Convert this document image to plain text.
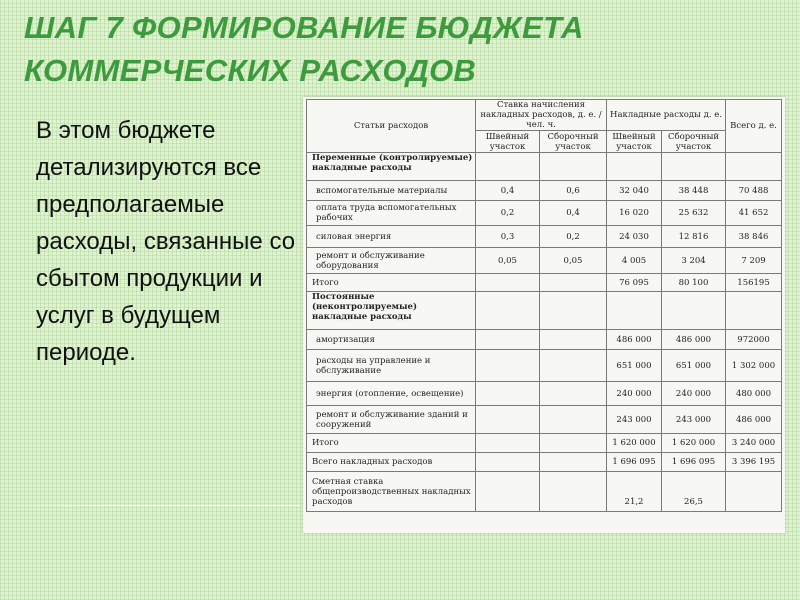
ШАГ 7 ФОРМИРОВАНИЕ БЮДЖЕТА
КОММЕРЧЕСКИХ РАСХОДОВ
В этом бюджете детализируются все предполагаемые расходы, связанные со сбытом продукции и услуг в будущем периоде.
Статьи расходов	Ставка начисления накладных расходов, д. е. / чел. ч.		Накладные расходы д. е.		Всего д. е.
	Швейный участок	Сборочный участок	Швейный участок	Сборочный участок	
Переменные (контролируемые) накладные расходы					
вспомогательные материалы	0,4	0,6	32 040	38 448	70 488
оплата труда вспомогательных рабочих	0,2	0,4	16 020	25 632	41 652
силовая энергия	0,3	0,2	24 030	12 816	38 846
ремонт и обслуживание оборудования	0,05	0,05	4 005	3 204	7 209
Итого			76 095	80 100	156195
Постоянные (неконтролируемые) накладные расходы					
амортизация			486 000	486 000	972000
расходы на управление и обслуживание			651 000	651 000	1 302 000
энергия (отопление, освещение)			240 000	240 000	480 000
ремонт и обслуживание зданий и сооружений			243 000	243 000	486 000
Итого			1 620 000	1 620 000	3 240 000
Всего накладных расходов			1 696 095	1 696 095	3 396 195
Сметная ставка общепроизводственных накладных расходов			21,2	26,5	
